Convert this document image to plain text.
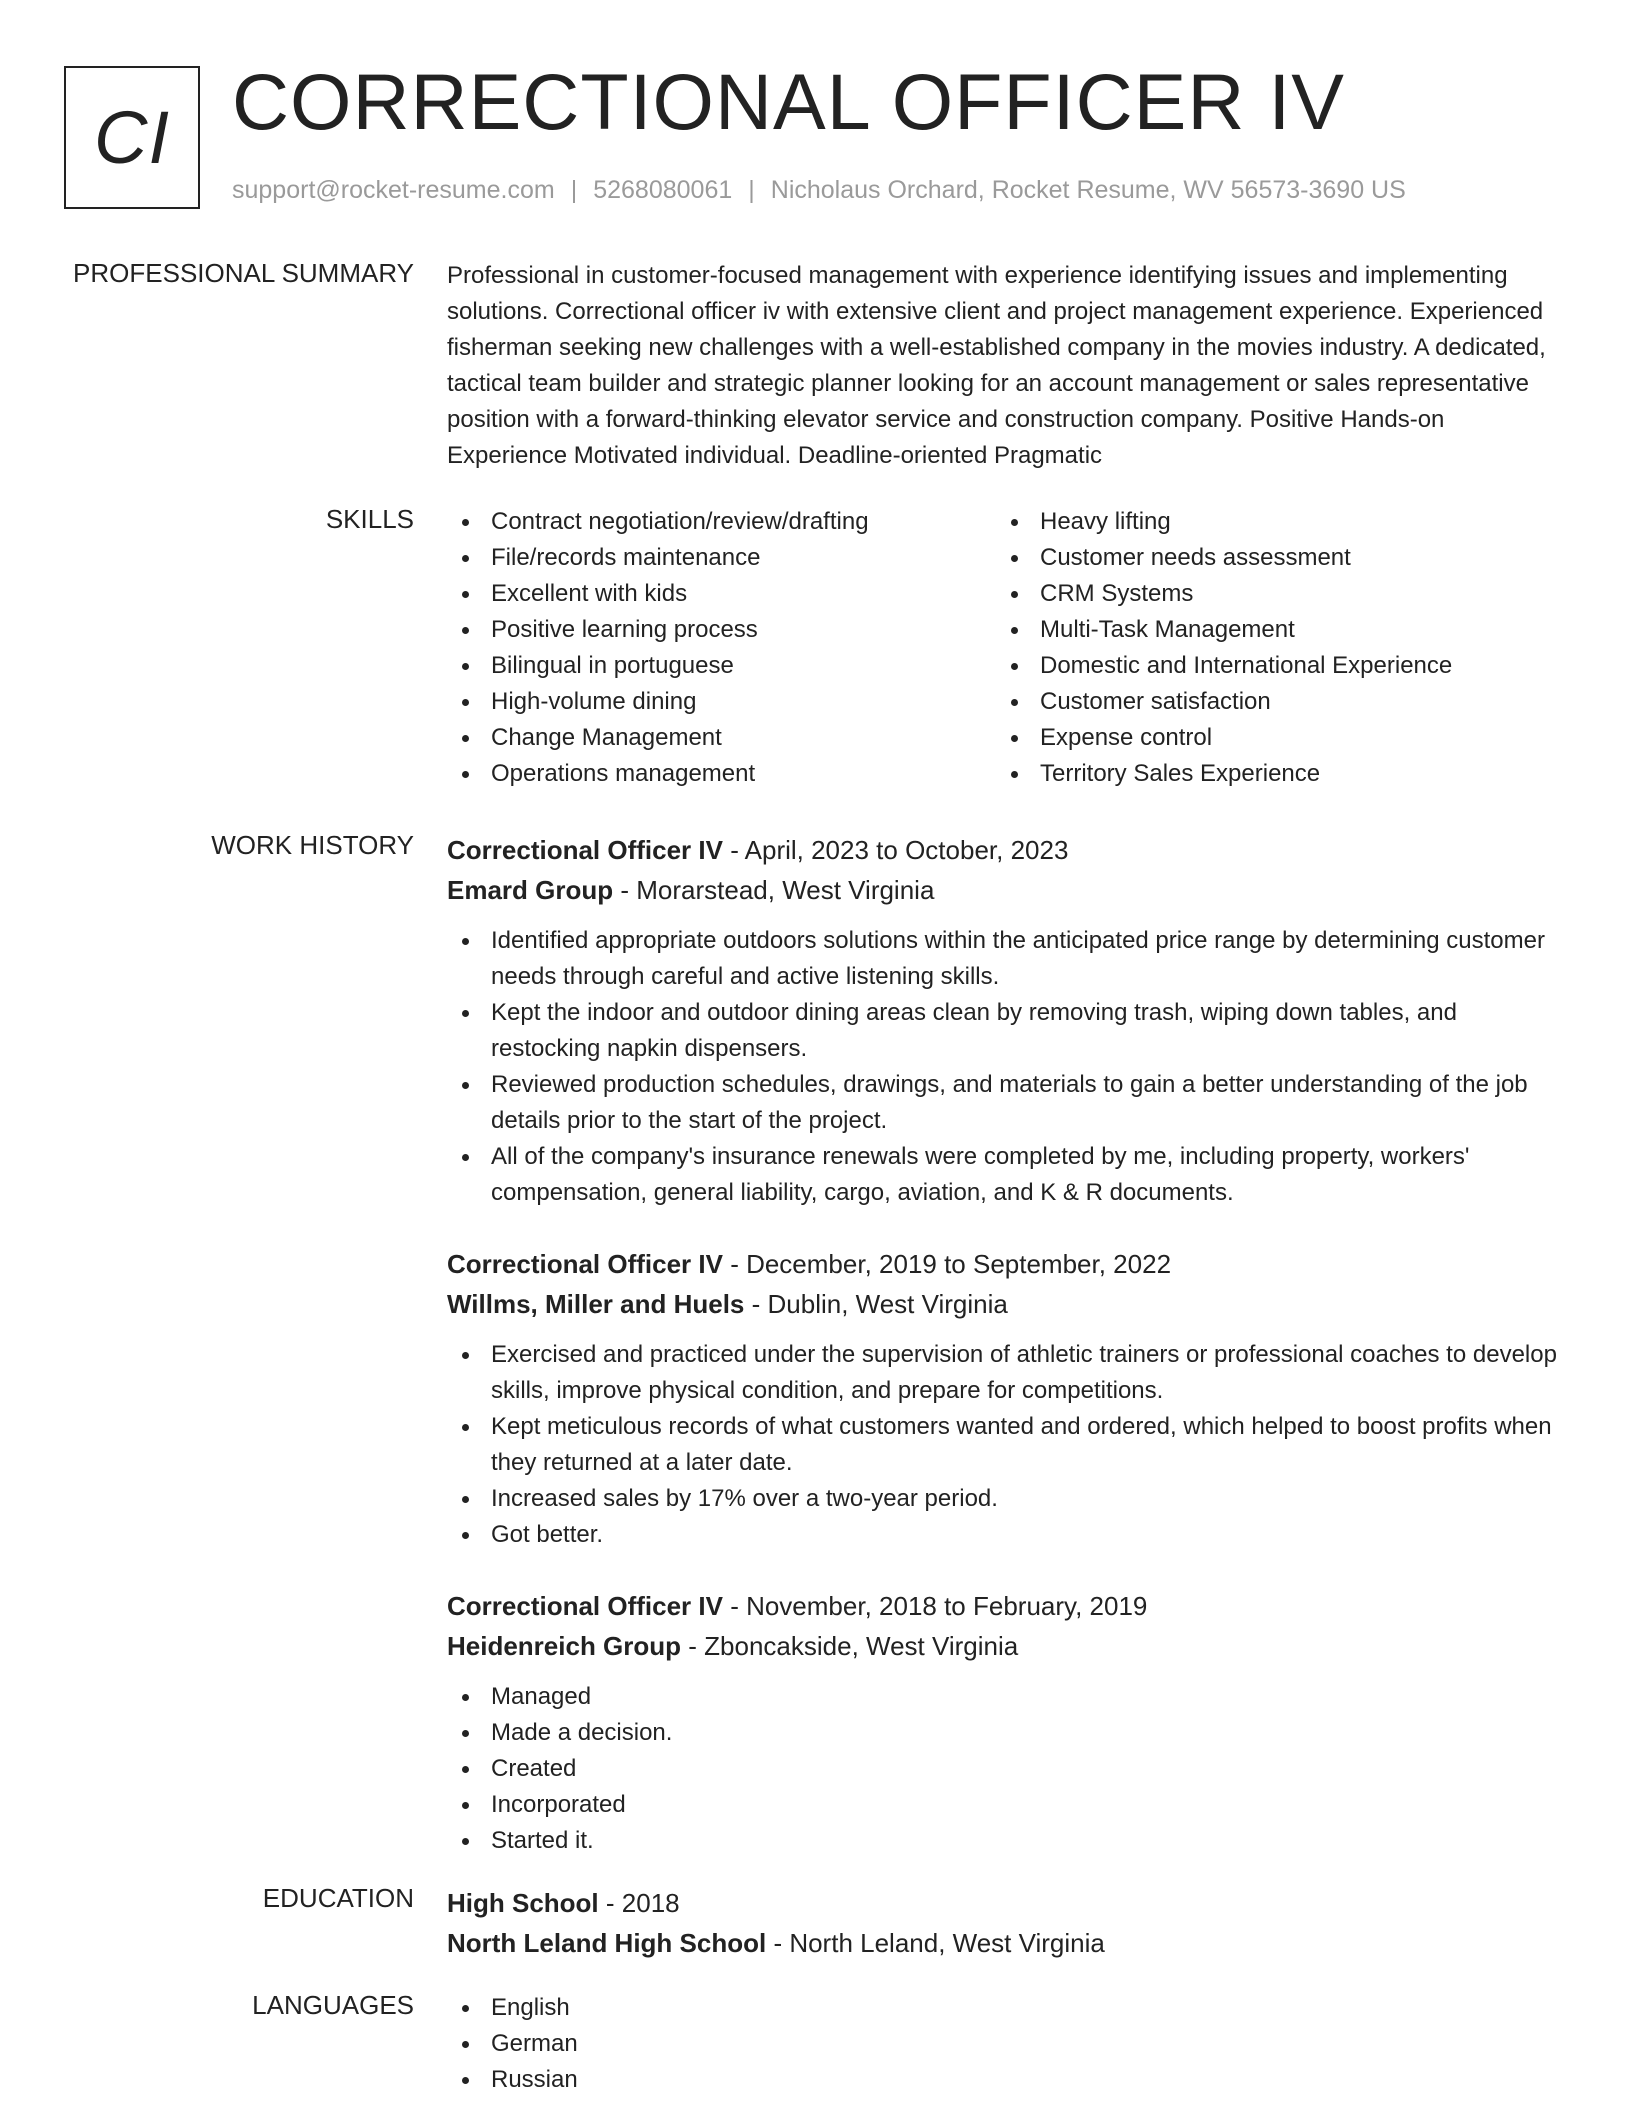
CI CORRECTIONAL OFFICER IV
support@rocket-resume.com | 5268080061 | Nicholaus Orchard, Rocket Resume, WV 56573-3690 US
PROFESSIONAL SUMMARY Professional in customer-focused management with experience identifying issues and implementing solutions. Correctional officer iv with extensive client and project management experience. Experienced fisherman seeking new challenges with a well-established company in the movies industry. A dedicated, tactical team builder and strategic planner looking for an account management or sales representative position with a forward-thinking elevator service and construction company. Positive Hands-on Experience Motivated individual. Deadline-oriented Pragmatic
SKILLS	Contract negotiation/review/drafting
File/records maintenance
Excellent with kids
Positive learning process
Bilingual in portuguese
High-volume dining
Change Management
Operations management
Heavy lifting
Customer needs assessment
CRM Systems
Multi-Task Management
Domestic and International Experience
Customer satisfaction
Expense control
Territory Sales Experience
WORK HISTORY Correctional Officer IV - April, 2023 to October, 2023
Emard Group - Morarstead, West Virginia
Identified appropriate outdoors solutions within the anticipated price range by determining customer needs through careful and active listening skills.
Kept the indoor and outdoor dining areas clean by removing trash, wiping down tables, and restocking napkin dispensers.
Reviewed production schedules, drawings, and materials to gain a better understanding of the job details prior to the start of the project.
All of the company's insurance renewals were completed by me, including property, workers' compensation, general liability, cargo, aviation, and K & R documents.
Correctional Officer IV - December, 2019 to September, 2022
Willms, Miller and Huels - Dublin, West Virginia
Exercised and practiced under the supervision of athletic trainers or professional coaches to develop skills, improve physical condition, and prepare for competitions.
Kept meticulous records of what customers wanted and ordered, which helped to boost profits when they returned at a later date.
Increased sales by 17% over a two-year period.
Got better.
Correctional Officer IV - November, 2018 to February, 2019
Heidenreich Group - Zboncakside, West Virginia
Managed
Made a decision.
Created
Incorporated
Started it.
EDUCATION High School - 2018
North Leland High School - North Leland, West Virginia
LANGUAGES	English
German
Russian
